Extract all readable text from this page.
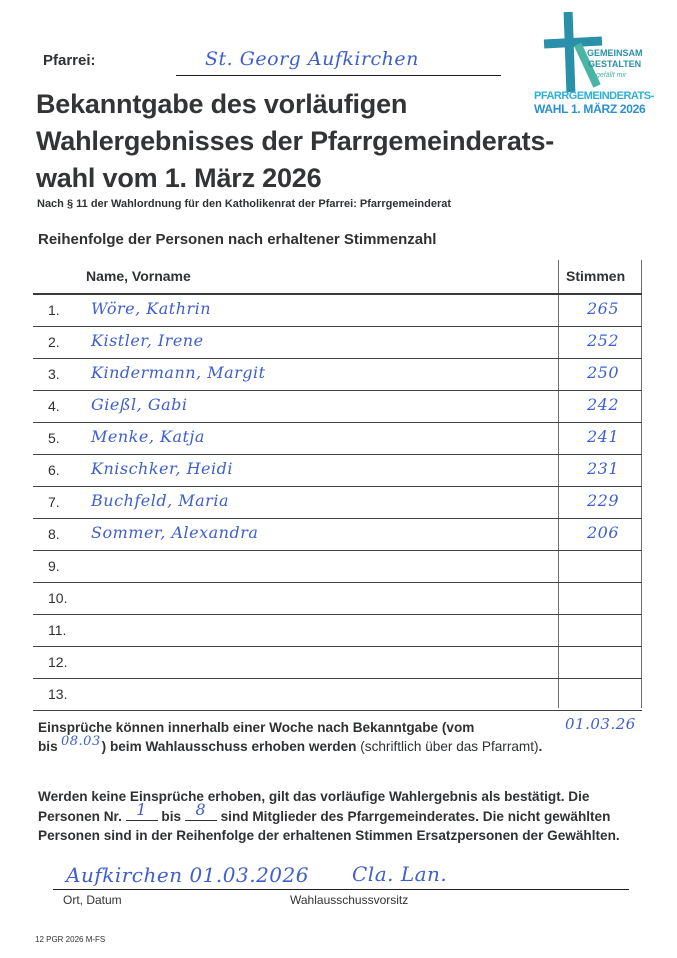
Pfarrei:	St. Georg Aufkirchen
Bekanntgabe des vorläufigen
Wahlergebnisses der Pfarrgemeinderats-
wahl vom 1. März 2026
Nach § 11 der Wahlordnung für den Katholikenrat der Pfarrei: Pfarrgemeinderat
GEMEINSAM
GESTALTEN
gefällt mir
PFARRGEMEINDERATS-
WAHL 1. MÄRZ 2026
Reihenfolge der Personen nach erhaltener Stimmenzahl
Name, Vorname	Stimmen
1. Wöre, Kathrin	265
2. Kistler, Irene	252
3. Kindermann, Margit	250
4. Gießl, Gabi	242
5. Menke, Katja	241
6. Knischker, Heidi	231
7. Buchfeld, Maria	229
8. Sommer, Alexandra	206
9.
10.
11.
12.
13.
Einsprüche können innerhalb einer Woche nach Bekanntgabe (vom
bis	) beim Wahlausschuss erhoben werden (schriftlich über das Pfarramt).
01.03.26
08.03
Werden keine Einsprüche erhoben, gilt das vorläufige Wahlergebnis als bestätigt. Die Personen Nr. 1	bis 8	sind Mitglieder des Pfarrgemeinderates. Die nicht gewählten Personen sind in der Reihenfolge der erhaltenen Stimmen Ersatzpersonen der Gewählten.
Aufkirchen 01.03.2026 Cla. Lan.
Ort, Datum	Wahlausschussvorsitz
12 PGR 2026 M-FS
